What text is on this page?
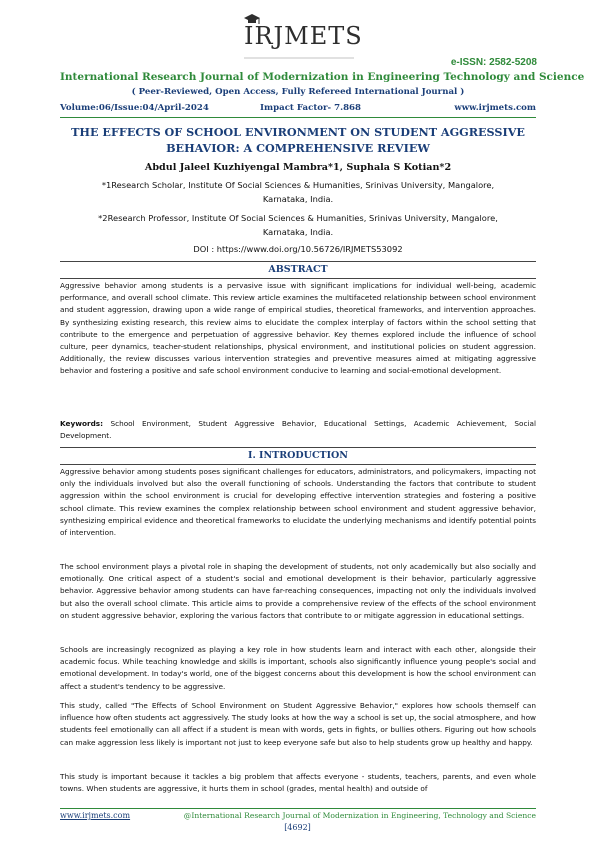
IRJMETS
e-ISSN: 2582-5208
International Research Journal of Modernization in Engineering Technology and Science
( Peer-Reviewed, Open Access, Fully Refereed International Journal )
Volume:06/Issue:04/April-2024	Impact Factor- 7.868	www.irjmets.com
THE EFFECTS OF SCHOOL ENVIRONMENT ON STUDENT AGGRESSIVE
BEHAVIOR: A COMPREHENSIVE REVIEW
Abdul Jaleel Kuzhiyengal Mambra*1, Suphala S Kotian*2
*1Research Scholar, Institute Of Social Sciences & Humanities, Srinivas University, Mangalore,
Karnataka, India.
*2Research Professor, Institute Of Social Sciences & Humanities, Srinivas University, Mangalore,
Karnataka, India.
DOI : https://www.doi.org/10.56726/IRJMETS53092
ABSTRACT

Aggressive behavior among students is a pervasive issue with significant implications for individual well-being, academic performance, and overall school climate. This review article examines the multifaceted relationship between school environment and student aggression, drawing upon a wide range of empirical studies, theoretical frameworks, and intervention approaches. By synthesizing existing research, this review aims to elucidate the complex interplay of factors within the school setting that contribute to the emergence and perpetuation of aggressive behavior. Key themes explored include the influence of school culture, peer dynamics, teacher-student relationships, physical environment, and institutional policies on student aggression. Additionally, the review discusses various intervention strategies and preventive measures aimed at mitigating aggressive behavior and fostering a positive and safe school environment conducive to learning and social-emotional development.

Keywords: School Environment, Student Aggressive Behavior, Educational Settings, Academic Achievement, Social Development.

I. INTRODUCTION

Aggressive behavior among students poses significant challenges for educators, administrators, and policymakers, impacting not only the individuals involved but also the overall functioning of schools. Understanding the factors that contribute to student aggression within the school environment is crucial for developing effective intervention strategies and fostering a positive school climate. This review examines the complex relationship between school environment and student aggressive behavior, synthesizing empirical evidence and theoretical frameworks to elucidate the underlying mechanisms and identify potential points of intervention.

The school environment plays a pivotal role in shaping the development of students, not only academically but also socially and emotionally. One critical aspect of a student's social and emotional development is their behavior, particularly aggressive behavior. Aggressive behavior among students can have far-reaching consequences, impacting not only the individuals involved but also the overall school climate. This article aims to provide a comprehensive review of the effects of the school environment on student aggressive behavior, exploring the various factors that contribute to or mitigate aggression in educational settings.

Schools are increasingly recognized as playing a key role in how students learn and interact with each other, alongside their academic focus. While teaching knowledge and skills is important, schools also significantly influence young people's social and emotional development. In today's world, one of the biggest concerns about this development is how the school environment can affect a student's tendency to be aggressive.

This study, called "The Effects of School Environment on Student Aggressive Behavior," explores how schools themself can influence how often students act aggressively. The study looks at how the way a school is set up, the social atmosphere, and how students feel emotionally can all affect if a student is mean with words, gets in fights, or bullies others. Figuring out how schools can make aggression less likely is important not just to keep everyone safe but also to help students grow up healthy and happy.

This study is important because it tackles a big problem that affects everyone - students, teachers, parents, and even whole towns. When students are aggressive, it hurts them in school (grades, mental health) and outside of

www.irjmets.com	@International Research Journal of Modernization in Engineering, Technology and Science
[4692]
